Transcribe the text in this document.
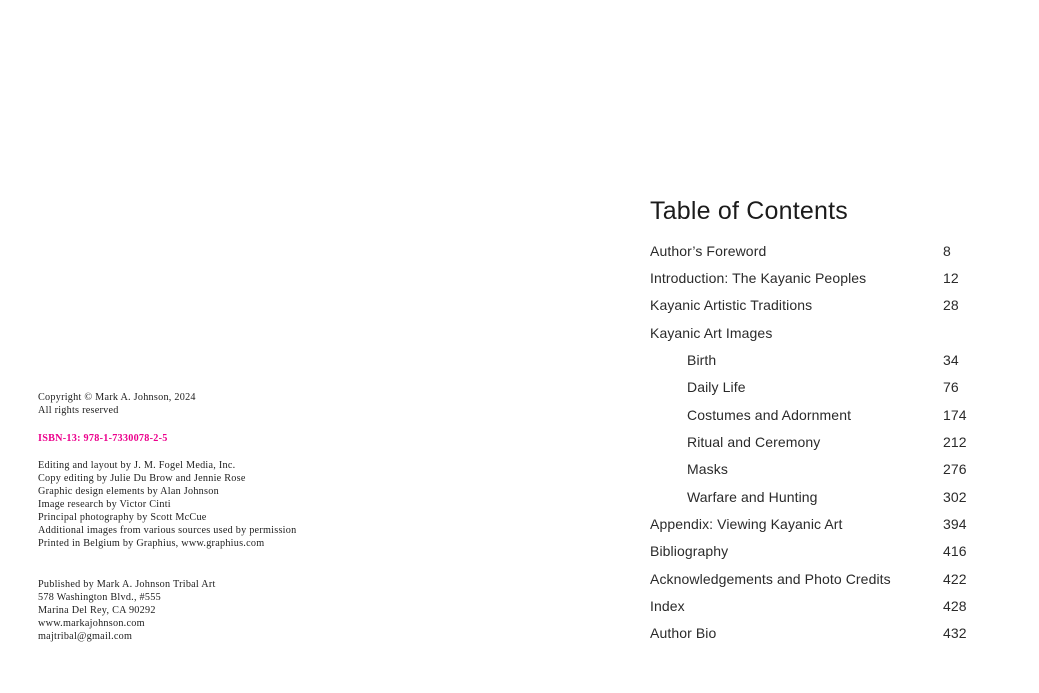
Copyright © Mark A. Johnson, 2024
All rights reserved
ISBN-13: 978-1-7330078-2-5
Editing and layout by J. M. Fogel Media, Inc.
Copy editing by Julie Du Brow and Jennie Rose
Graphic design elements by Alan Johnson
Image research by Victor Cinti
Principal photography by Scott McCue
Additional images from various sources used by permission
Printed in Belgium by Graphius, www.graphius.com
Published by Mark A. Johnson Tribal Art
578 Washington Blvd., #555
Marina Del Rey, CA 90292
www.markajohnson.com
majtribal@gmail.com
Table of Contents
Author’s Foreword	8
Introduction: The Kayanic Peoples	12
Kayanic Artistic Traditions	28
Kayanic Art Images
Birth	34
Daily Life	76
Costumes and Adornment	174
Ritual and Ceremony	212
Masks	276
Warfare and Hunting	302
Appendix: Viewing Kayanic Art	394
Bibliography	416
Acknowledgements and Photo Credits	422
Index	428
Author Bio	432
